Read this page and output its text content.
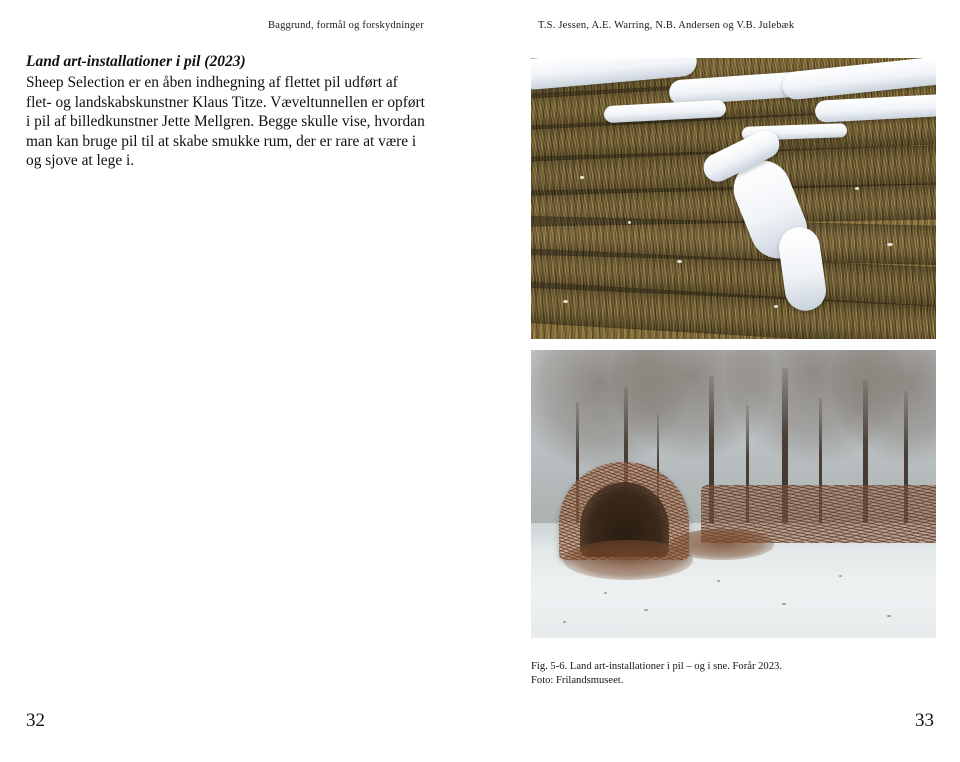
Baggrund, formål og forskydninger	T.S. Jessen, A.E. Warring, N.B. Andersen og V.B. Julebæk
Land art-installationer i pil (2023)

Sheep Selection er en åben indhegning af flettet pil udført af flet- og landskabskunstner Klaus Titze. Væveltunnellen er opført i pil af billedkunstner Jette Mellgren. Begge skulle vise, hvordan man kan bruge pil til at skabe smukke rum, der er rare at være i og sjove at lege i.

Fig. 5-6. Land art-installationer i pil – og i sne. Forår 2023.
Foto: Frilandsmuseet.
32	33
